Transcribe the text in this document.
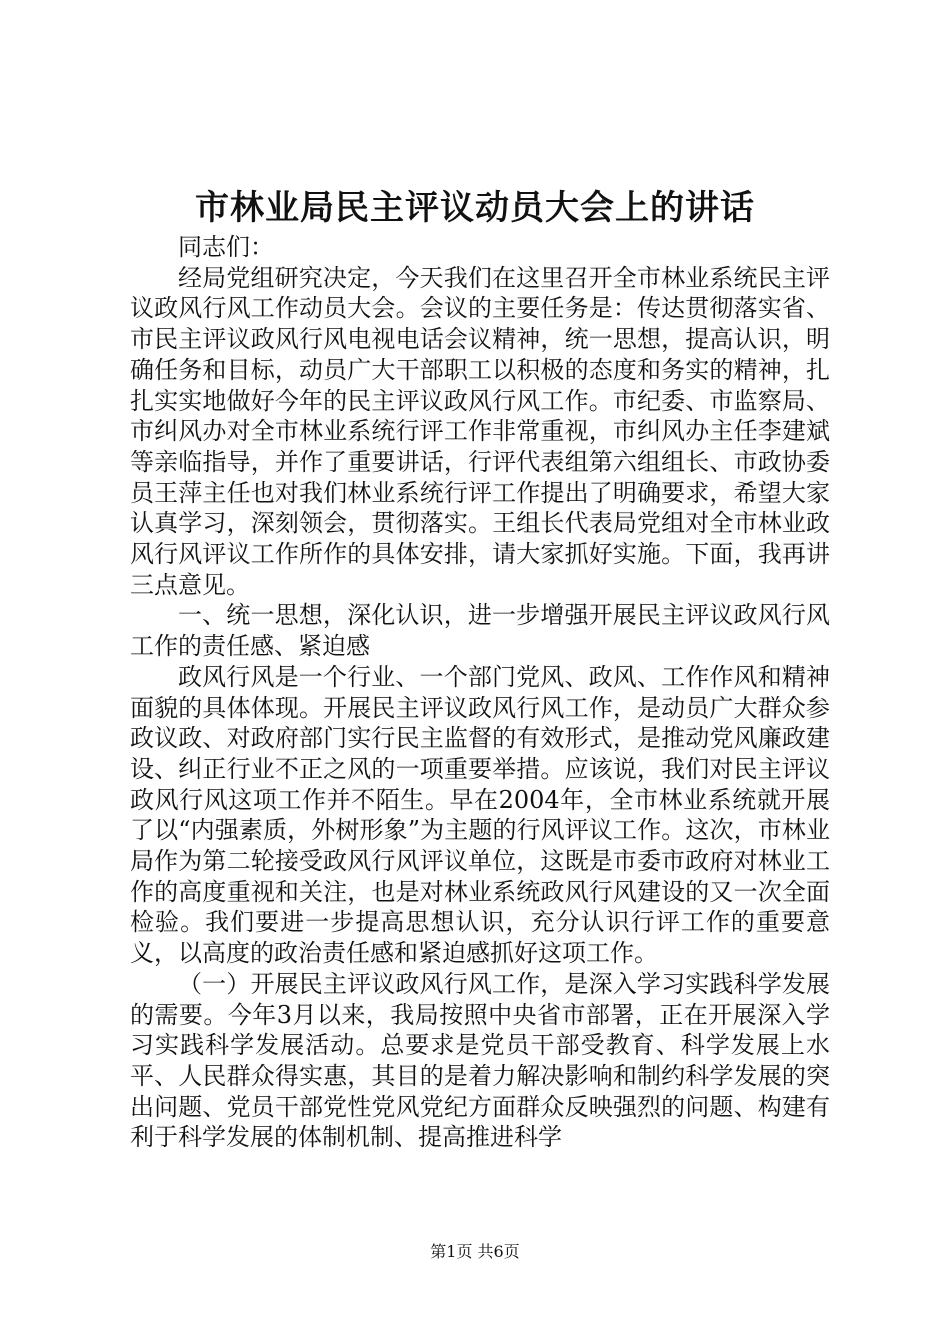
市林业局民主评议动员大会上的讲话

同志们：

经局党组研究决定，今天我们在这里召开全市林业系统民主评议政风行风工作动员大会。会议的主要任务是：传达贯彻落实省、市民主评议政风行风电视电话会议精神，统一思想，提高认识，明确任务和目标，动员广大干部职工以积极的态度和务实的精神，扎扎实实地做好今年的民主评议政风行风工作。市纪委、市监察局、市纠风办对全市林业系统行评工作非常重视，市纠风办主任李建斌等亲临指导，并作了重要讲话，行评代表组第六组组长、市政协委员王萍主任也对我们林业系统行评工作提出了明确要求，希望大家认真学习，深刻领会，贯彻落实。王组长代表局党组对全市林业政风行风评议工作所作的具体安排，请大家抓好实施。下面，我再讲三点意见。

一、统一思想，深化认识，进一步增强开展民主评议政风行风工作的责任感、紧迫感

政风行风是一个行业、一个部门党风、政风、工作作风和精神面貌的具体体现。开展民主评议政风行风工作，是动员广大群众参政议政、对政府部门实行民主监督的有效形式，是推动党风廉政建设、纠正行业不正之风的一项重要举措。应该说，我们对民主评议政风行风这项工作并不陌生。早在2004年，全市林业系统就开展了以“内强素质，外树形象”为主题的行风评议工作。这次，市林业局作为第二轮接受政风行风评议单位，这既是市委市政府对林业工作的高度重视和关注，也是对林业系统政风行风建设的又一次全面检验。我们要进一步提高思想认识，充分认识行评工作的重要意义，以高度的政治责任感和紧迫感抓好这项工作。

（一）开展民主评议政风行风工作，是深入学习实践科学发展的需要。今年3月以来，我局按照中央省市部署，正在开展深入学习实践科学发展活动。总要求是党员干部受教育、科学发展上水平、人民群众得实惠，其目的是着力解决影响和制约科学发展的突出问题、党员干部党性党风党纪方面群众反映强烈的问题、构建有利于科学发展的体制机制、提高推进科学

第1页 共6页
